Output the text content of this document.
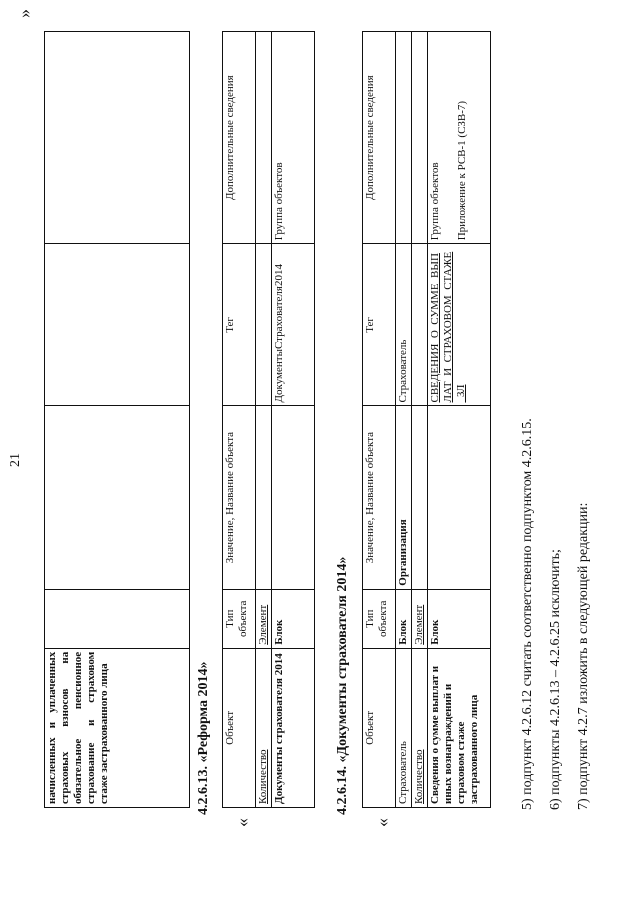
21
»
начисленных и уплаченных страховых взносов на обязательное пенсионное страхование и страховом стаже застрахованного лица					4.2.6.13. «Реформа 2014»
«
Объект	Тип объекта	Значение, Название объекта	Тег	Дополнительные сведения
Количество	Элемент			
Документы страхователя 2014	Блок		ДокументыСтрахователя2014	Группа объектов
4.2.6.14. «Документы страхователя 2014»
«
Объект	Тип объекта	Значение, Название объекта	Тег	Дополнительные сведения
Страхователь	Блок	Организация	Страхователь	
Количество	Элемент			
Сведения о сумме выплат и иных вознаграждений и страховом стаже застрахованного лица	Блок		СВЕДЕНИЯ_О_СУММЕ_ВЫПЛАТ_И_СТРАХОВОМ_СТАЖЕ_ЗЛ	Группа объектов Приложение к РСВ-1 (СЗВ-7)
5) подпункт 4.2.6.12 считать соответственно подпунктом 4.2.6.15. 6) подпункты 4.2.6.13 – 4.2.6.25 исключить; 7) подпункт 4.2.7 изложить в следующей редакции:
